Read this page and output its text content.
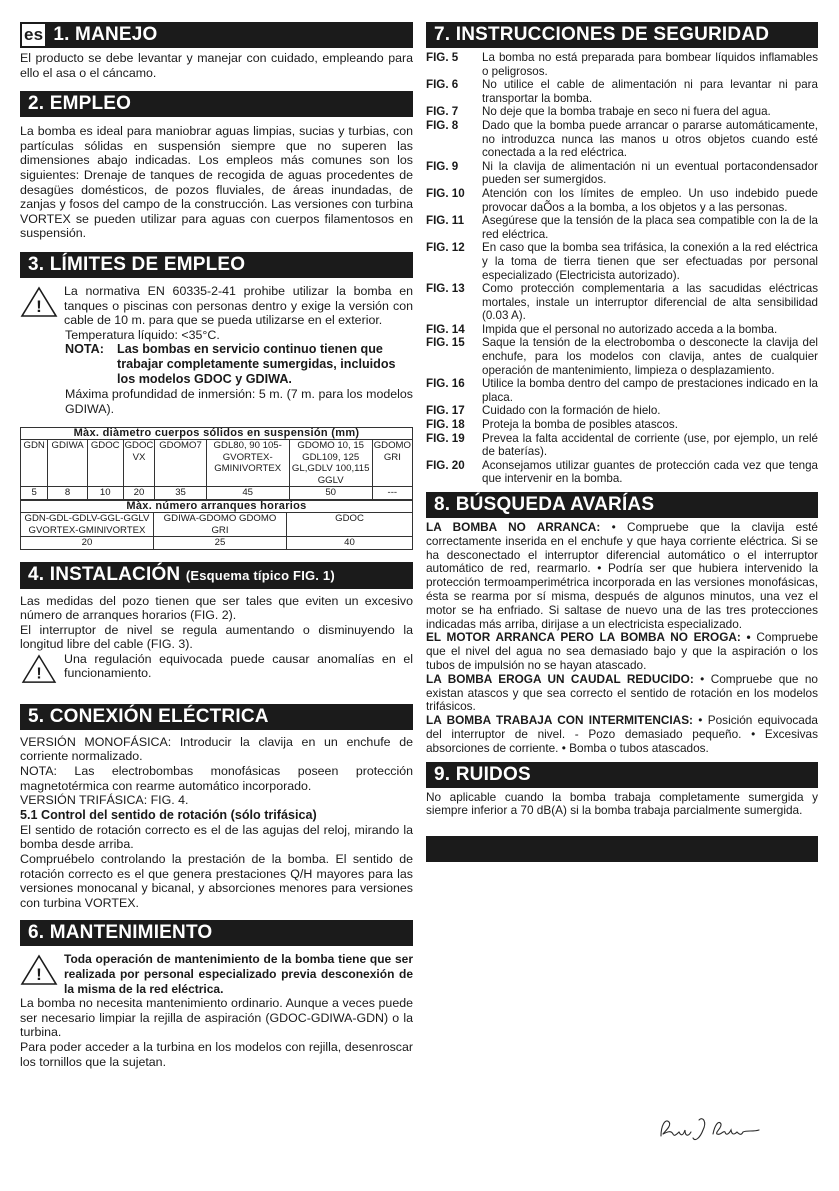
es 1. MANEJO

El producto se debe levantar y manejar con cuidado, empleando para ello el asa o el cáncamo.

2. EMPLEO

La bomba es ideal para maniobrar aguas limpias, sucias y turbias, con partículas sólidas en suspensión siempre que no superen las dimensiones abajo indicadas. Los empleos más comunes son los siguientes: Drenaje de tanques de recogida de aguas procedentes de desagües domésticos, de pozos fluviales, de áreas inundadas, de zanjas y fosos del campo de la construcción. Las versiones con turbina VORTEX se pueden utilizar para aguas con cuerpos filamentosos en suspensión.

3. LÍMITES DE EMPLEO
!

La normativa EN 60335-2-41 prohibe utilizar la bomba en tanques o piscinas con personas dentro y exige la versión con cable de 10 m. para que se pueda utilizarse en el exterior.

Temperatura líquido: <35°C.

NOTA:	Las bombas en servicio continuo tienen que trabajar completamente sumergidas, incluidos los modelos GDOC y GDIWA.

Máxima profundidad de inmersión: 5 m. (7 m. para los modelos GDIWA).

Màx. diàmetro cuerpos sólidos en suspensión (mm)							
GDN	GDIWA	GDOC	GDOC VX	GDOMO7	GDL80, 90 105- GVORTEX- GMINIVORTEX	GDOMO 10, 15 GDL109, 125 GL,GDLV 100,115 GGLV	GDOMO GRI
5	8	10	20	35	45	50	---
Màx. número arranques horarios		
GDN-GDL-GDLV-GGL-GGLV GVORTEX-GMINIVORTEX	GDIWA-GDOMO GDOMO GRI	GDOC
20	25	40
4. INSTALACIÓN (Esquema típico FIG. 1)

Las medidas del pozo tienen que ser tales que eviten un excesivo número de arranques horarios (FIG. 2).

El interruptor de nivel se regula aumentando o disminuyendo la longitud libre del cable (FIG. 3).

!

Una regulación equivocada puede causar anomalías en el funcionamiento.

5. CONEXIÓN ELÉCTRICA

VERSIÓN MONOFÁSICA: Introducir la clavija en un enchufe de corriente normalizado.

NOTA: Las electrobombas monofásicas poseen protección magnetotérmica con rearme automático incorporado.

VERSIÓN TRIFÁSICA: FIG. 4.

5.1 Control del sentido de rotación (sólo trifásica)

El sentido de rotación correcto es el de las agujas del reloj, mirando la bomba desde arriba.

Compruébelo controlando la prestación de la bomba. El sentido de rotación correcto es el que genera prestaciones Q/H mayores para las versiones monocanal y bicanal, y absorciones menores para versiones con turbina VORTEX.

6. MANTENIMIENTO
!

Toda operación de mantenimiento de la bomba tiene que ser realizada por personal especializado previa desconexión de la misma de la red eléctrica.

La bomba no necesita mantenimiento ordinario. Aunque a veces puede ser necesario limpiar la rejilla de aspiración (GDOC-GDIWA-GDN) o la turbina.

Para poder acceder a la turbina en los modelos con rejilla, desenroscar los tornillos que la sujetan.

7. INSTRUCCIONES DE SEGURIDAD
FIG. 5	La bomba no está preparada para bombear líquidos inflamables o peligrosos.
FIG. 6	No utilice el cable de alimentación ni para levantar ni para transportar la bomba.
FIG. 7	No deje que la bomba trabaje en seco ni fuera del agua.
FIG. 8	Dado que la bomba puede arrancar o pararse automáticamente, no introduzca nunca las manos u otros objetos cuando esté conectada a la red eléctrica.
FIG. 9	Ni la clavija de alimentación ni un eventual portacondensador pueden ser sumergidos.
FIG. 10	Atención con los límites de empleo. Un uso indebido puede provocar daÕos a la bomba, a los objetos y a las personas.
FIG. 11	Asegúrese que la tensión de la placa sea compatible con la de la red eléctrica.
FIG. 12	En caso que la bomba sea trifásica, la conexión a la red eléctrica y la toma de tierra tienen que ser efectuadas por personal especializado (Electricista autorizado).
FIG. 13	Como protección complementaria a las sacudidas eléctricas mortales, instale un interruptor diferencial de alta sensibilidad (0.03 A).
FIG. 14	Impida que el personal no autorizado acceda a la bomba.
FIG. 15	Saque la tensión de la electrobomba o desconecte la clavija del enchufe, para los modelos con clavija, antes de cualquier operación de mantenimiento, limpieza o desplazamiento.
FIG. 16	Utilice la bomba dentro del campo de prestaciones indicado en la placa.
FIG. 17	Cuidado con la formación de hielo.
FIG. 18	Proteja la bomba de posibles atascos.
FIG. 19	Prevea la falta accidental de corriente (use, por ejemplo, un relé de baterías).
FIG. 20	Aconsejamos utilizar guantes de protección cada vez que tenga que intervenir en la bomba.
8. BÚSQUEDA AVARÍAS

LA BOMBA NO ARRANCA: • Compruebe que la clavija esté correctamente inserida en el enchufe y que haya corriente eléctrica. Si se ha desconectado el interruptor diferencial automático o el interruptor automático de red, rearmarlo. • Podría ser que hubiera intervenido la protección termoamperimétrica incorporada en las versiones monofásicas, ésta se rearma por sí misma, después de algunos minutos, una vez el motor se ha enfriado. Si saltase de nuevo una de las tres protecciones indicadas más arriba, dirijase a un electricista especializado.

EL MOTOR ARRANCA PERO LA BOMBA NO EROGA: • Compruebe que el nivel del agua no sea demasiado bajo y que la aspiración o los tubos de impulsión no se hayan atascado.

LA BOMBA EROGA UN CAUDAL REDUCIDO: • Compruebe que no existan atascos y que sea correcto el sentido de rotación en los modelos trifásicos.

LA BOMBA TRABAJA CON INTERMITENCIAS: • Posición equivocada del interruptor de nivel. - Pozo demasiado pequeño. • Excesivas absorciones de corriente. • Bomba o tubos atascados.

9. RUIDOS

No aplicable cuando la bomba trabaja completamente sumergida y siempre inferior a 70 dB(A) si la bomba trabaja parcialmente sumergida.
